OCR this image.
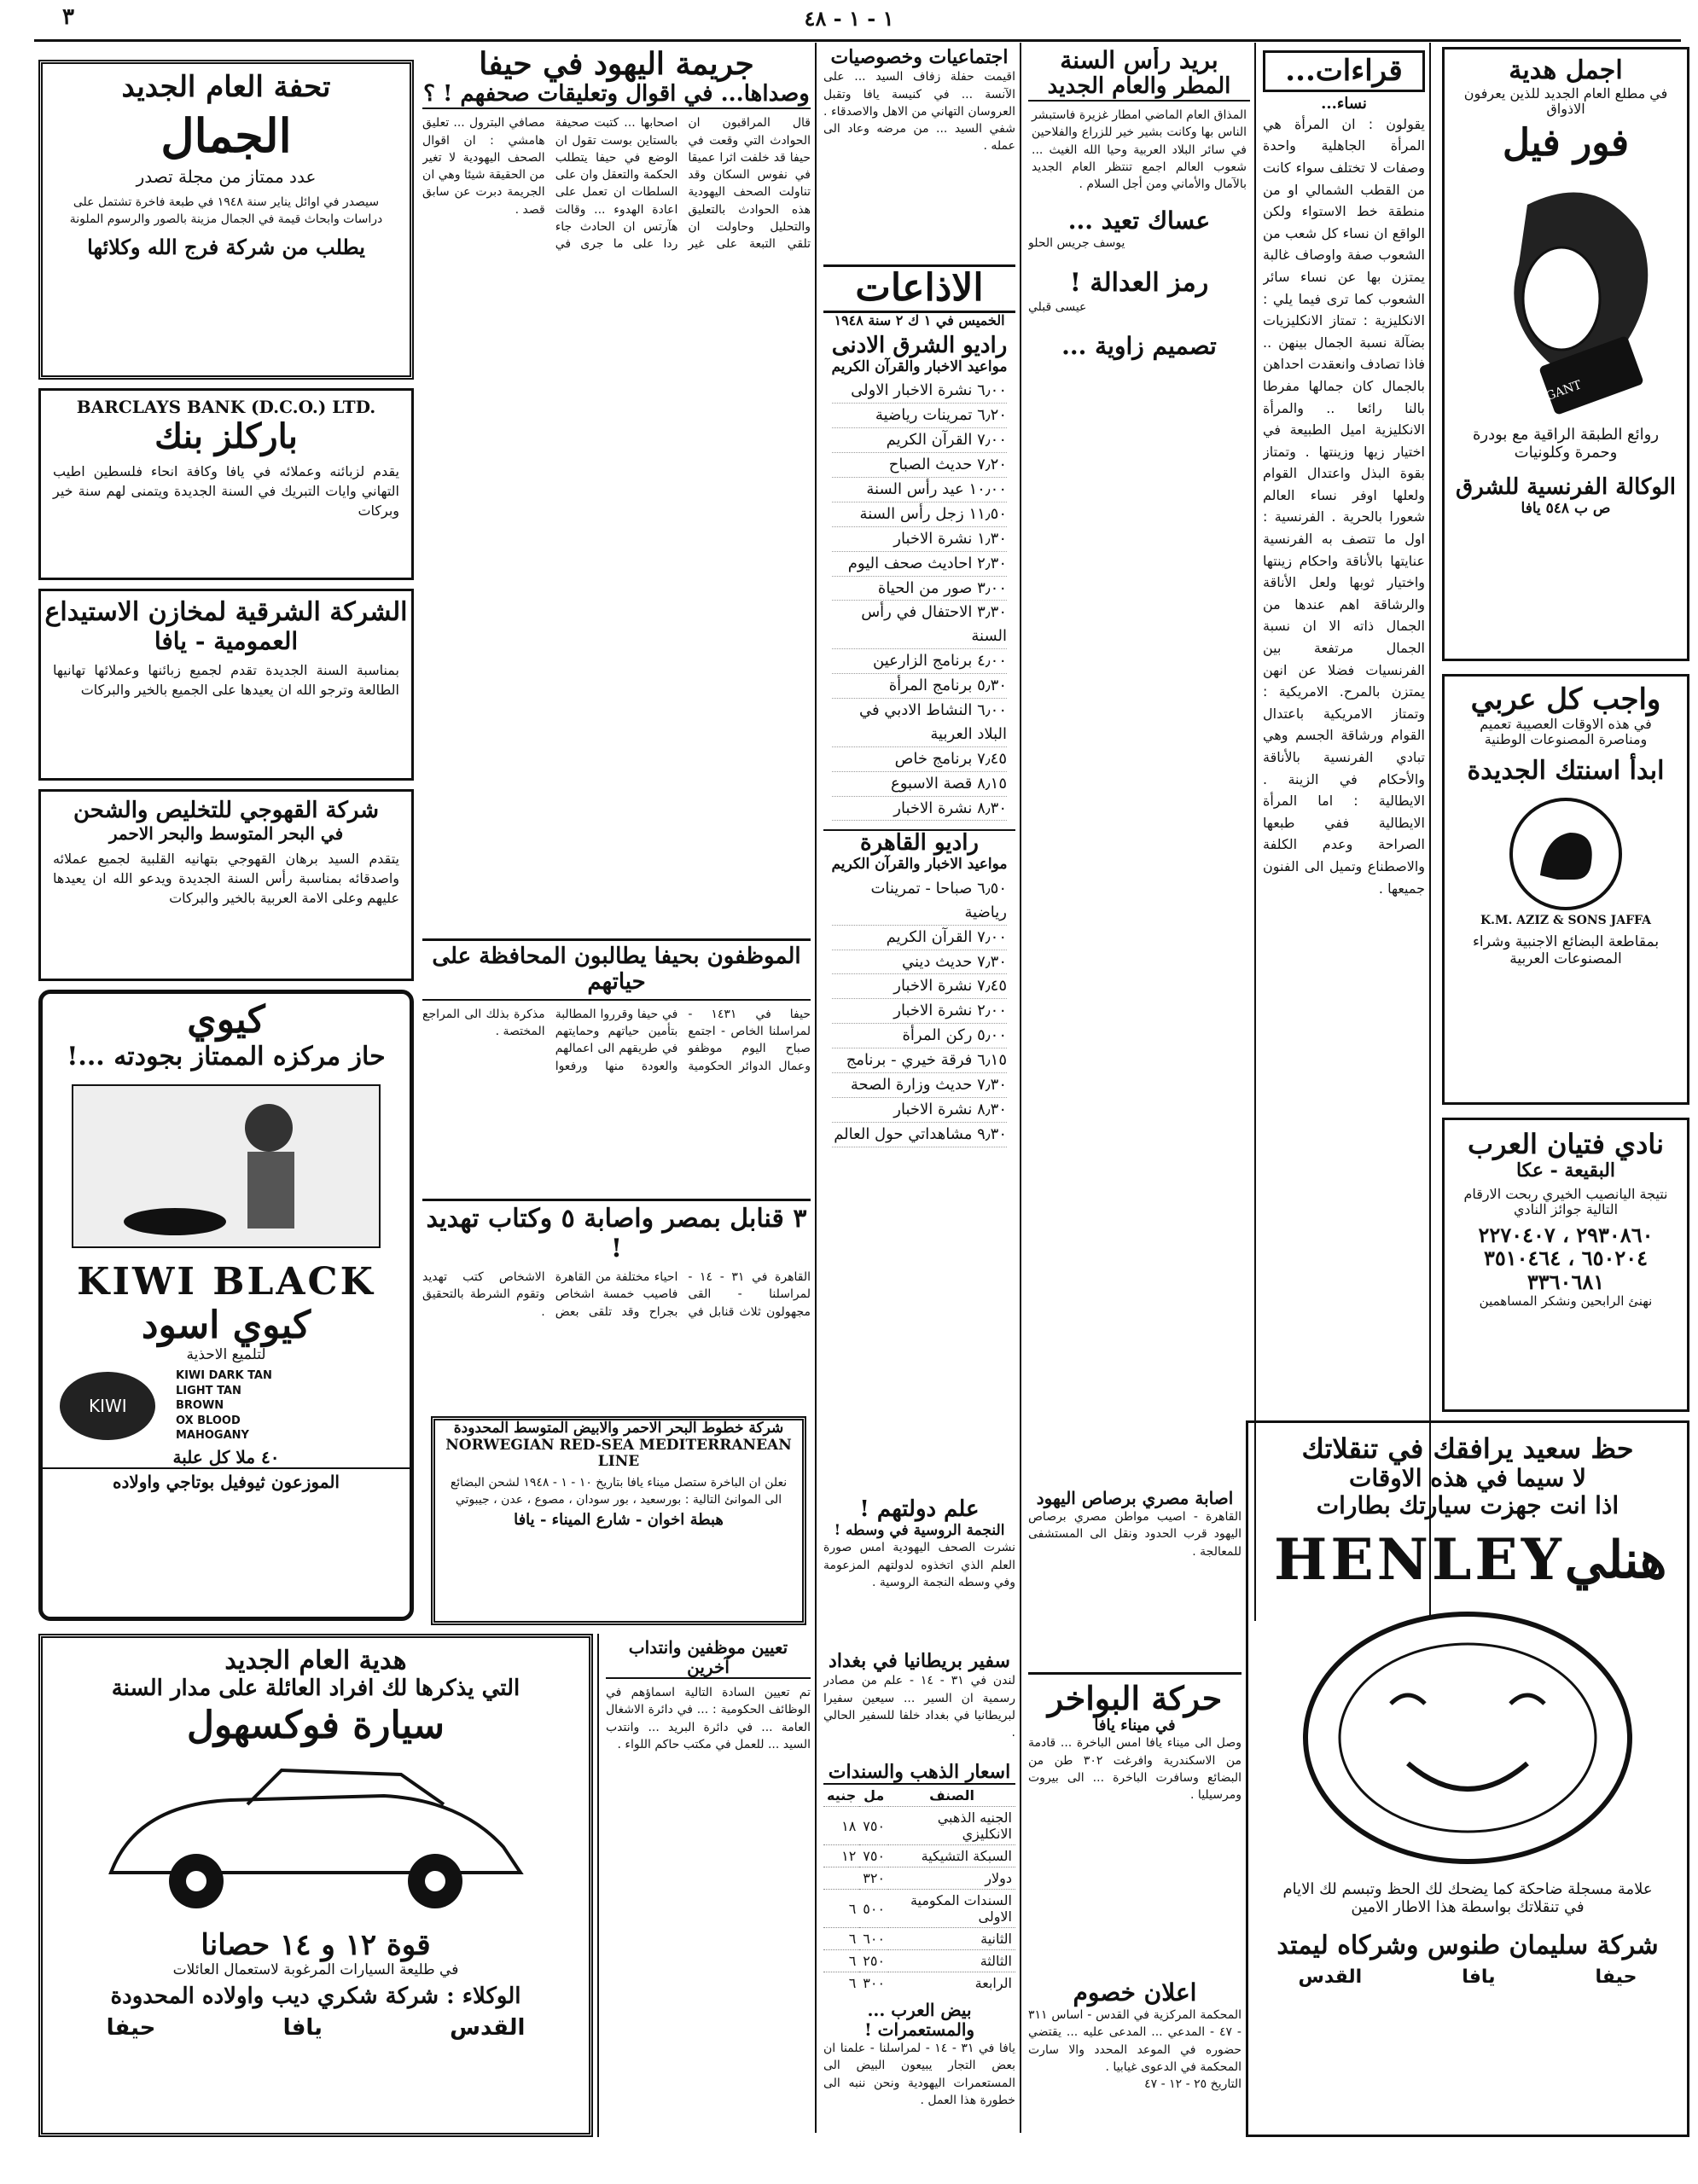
١ - ١ - ٤٨
٣
اجمل هدية
في مطلع العام الجديد للذين يعرفون الاذواق
فور فيل
HOUBIGANT
روائع الطبقة الراقية مع بودرة وحمرة وكلونيات
الوكالة الفرنسية للشرق
ص ب ٥٤٨ يافا
واجب كل عربي
في هذه الاوقات العصيبة تعميم ومناصرة المصنوعات الوطنية
ابدأ اسنتك الجديدة
K.M. AZIZ & SONS JAFFA
بمقاطعة البضائع الاجنبية وشراء المصنوعات العربية
نادي فتيان العرب
البقيعة - عكا
نتيجة اليانصيب الخيري ربحت الارقام التالية جوائز النادي
٢٩٣٠٨٦٠ ، ٢٢٧٠٤٠٧
٦٥٠٢٠٤ ، ٣٥١٠٤٦٤
٣٣٦٠٦٨١
نهنئ الرابحين ونشكر المساهمين
حظ سعيد يرافقك في تنقلاتك
لا سيما في هذه الاوقات
اذا انت جهزت سيارتك بطارات
HENLEY هنلي
علامة مسجلة ضاحكة كما يضحك لك الحظ وتبسم لك الايام في تنقلاتك بواسطة هذا الاطار الامين
شركة سليمان طنوس وشركاه ليمتد
القدس	يافا	حيفا
قراءات...
نساء...
يقولون : ان المرأة هي المرأة الجاهلية واحدة وصفات لا تختلف سواء كانت من القطب الشمالي او من منطقة خط الاستواء ولكن الواقع ان نساء كل شعب من الشعوب صفة واوصاف غالبة يمتزن بها عن نساء سائر الشعوب كما ترى فيما يلي : الانكليزية : تمتاز الانكليزيات بضآلة نسبة الجمال بينهن .. فاذا تصادف وانعقدت احداهن بالجمال كان جمالها مفرطا بالنا رائعا .. والمرأة الانكليزية اميل الطبيعة في اختيار زيها وزينتها . وتمتاز بقوة البذل واعتدال القوام ولعلها اوفر نساء العالم شعورا بالحرية . الفرنسية : اول ما تتصف به الفرنسية عنايتها بالأناقة واحكام زينتها واختيار ثوبها ولعل الأناقة والرشاقة اهم عندها من الجمال ذاته الا ان نسبة الجمال مرتفعة بين الفرنسيات فضلا عن انهن يمتزن بالمرح. الامريكية : وتمتاز الامريكية باعتدال القوام ورشاقة الجسم وهي تبادي الفرنسية بالأناقة والأحكام في الزينة . الايطالية : اما المرأة الايطالية ففي طبعها الصراحة وعدم الكلفة والاصطناع وتميل الى الفنون جميعها .
بريد رأس السنة
المطر والعام الجديد
المذاق العام الماضي امطار غزيرة فاستبشر الناس بها وكانت بشير خير للزراع والفلاحين في سائر البلاد العربية وحيا الله الغيث ... شعوب العالم اجمع تنتظر العام الجديد بالآمال والأماني ومن أجل السلام .
عساك تعيد ...
يوسف جريس الحلو
رمز العدالة !
عيسى قبلي
تصميم زاوية ...
اصابة مصري برصاص اليهود
القاهرة - اصيب مواطن مصري برصاص اليهود قرب الحدود ونقل الى المستشفى للمعالجة .
حركة البواخر
في ميناء يافا
وصل الى ميناء يافا امس الباخرة ... قادمة من الاسكندرية وافرغت ٣٠٢ طن من البضائع وسافرت الباخرة ... الى بيروت ومرسيليا .
اعلان خصوم
المحكمة المركزية في القدس - اساس ٣١١ - ٤٧ - المدعي ... المدعى عليه ... يقتضي حضوره في الموعد المحدد والا سارت المحكمة في الدعوى غيابيا .
التاريخ ٢٥ - ١٢ - ٤٧
اجتماعيات وخصوصيات
اقيمت حفلة زفاف السيد ... على الآنسة ... في كنيسة يافا وتقبل العروسان التهاني من الاهل والاصدقاء . شفي السيد ... من مرضه وعاد الى عمله .
الاذاعات
الخميس في ١ ك ٢ سنة ١٩٤٨
راديو الشرق الادنى
مواعيد الاخبار والقرآن الكريم
٦٫٠٠ نشرة الاخبار الاولى
٦٫٢٠ تمرينات رياضية
٧٫٠٠ القرآن الكريم
٧٫٢٠ حديث الصباح
١٠٫٠٠ عيد رأس السنة
١١٫٥٠ زجل رأس السنة
١٫٣٠ نشرة الاخبار
٢٫٣٠ احاديث صحف اليوم
٣٫٠٠ صور من الحياة
٣٫٣٠ الاحتفال في رأس السنة
٤٫٠٠ برنامج الزارعين
٥٫٣٠ برنامج المرأة
٦٫٠٠ النشاط الادبي في البلاد العربية
٧٫٤٥ برنامج خاص
٨٫١٥ قصة الاسبوع
٨٫٣٠ نشرة الاخبار
راديو القاهرة
مواعيد الاخبار والقرآن الكريم
٦٫٥٠ صباحا - تمرينات رياضية
٧٫٠٠ القرآن الكريم
٧٫٣٠ حديث ديني
٧٫٤٥ نشرة الاخبار
٢٫٠٠ نشرة الاخبار
٥٫٠٠ ركن المرأة
٦٫١٥ فرقة خيري - برنامج
٧٫٣٠ حديث وزارة الصحة
٨٫٣٠ نشرة الاخبار
٩٫٣٠ مشاهداتي حول العالم
علم دولتهم !
النجمة الروسية في وسطه !
نشرت الصحف اليهودية امس صورة العلم الذي اتخذوه لدولتهم المزعومة وفي وسطه النجمة الروسية .
سفير بريطانيا في بغداد
لندن في ٣١ - ١٤ - علم من مصادر رسمية ان السير ... سيعين سفيرا لبريطانيا في بغداد خلفا للسفير الحالي .
اسعار الذهب والسندات
الصنف	مل	جنيه
الجنيه الذهبي الانكليزي	٧٥٠	١٨
السبكة التشيكية	٧٥٠	١٢
دولار	٣٢٠	
السندات المكومية الاولى	٥٠٠	٦
الثانية	٦٠٠	٦
الثالثة	٢٥٠	٦
الرابعة	٣٠٠	٦
بيض العرب ... والمستعمرات !
يافا في ٣١ - ١٤ - لمراسلنا - علمنا ان بعض التجار يبيعون البيض الى المستعمرات اليهودية ونحن ننبه الى خطورة هذا العمل .
جريمة اليهود في حيفا
وصداها... في اقوال وتعليقات صحفهم ! ؟
قال المراقبون ان الحوادث التي وقعت في حيفا قد خلفت اثرا عميقا في نفوس السكان وقد تناولت الصحف اليهودية هذه الحوادث بالتعليق والتحليل وحاولت ان تلقي التبعة على غير اصحابها ... كتبت صحيفة بالستاين بوست تقول ان الوضع في حيفا يتطلب الحكمة والتعقل وان على السلطات ان تعمل على اعادة الهدوء ... وقالت هآرتس ان الحادث جاء ردا على ما جرى في مصافي البترول ... تعليق هامشي : ان اقوال الصحف اليهودية لا تغير من الحقيقة شيئا وهي ان الجريمة دبرت عن سابق قصد .
الموظفون بحيفا يطالبون المحافظة على حياتهم
حيفا في ١٤٣١ - لمراسلنا الخاص - اجتمع صباح اليوم موظفو وعمال الدوائر الحكومية في حيفا وقرروا المطالبة بتأمين حياتهم وحمايتهم في طريقهم الى اعمالهم والعودة منها ورفعوا مذكرة بذلك الى المراجع المختصة .
٣ قنابل بمصر واصابة ٥ وكتاب تهديد !
القاهرة في ٣١ - ١٤ - لمراسلنا - القى مجهولون ثلاث قنابل في احياء مختلفة من القاهرة فاصيب خمسة اشخاص بجراح وقد تلقى بعض الاشخاص كتب تهديد وتقوم الشرطة بالتحقيق .
شركة خطوط البحر الاحمر والابيض المتوسط المحدودة
NORWEGIAN RED-SEA MEDITERRANEAN LINE
نعلن ان الباخرة ستصل ميناء يافا بتاريخ ١٠ - ١ - ١٩٤٨ لشحن البضائع الى الموانئ التالية : بورسعيد ، بور سودان ، مصوع ، عدن ، جيبوتي
هبطة اخوان - شارع الميناء - يافا
تحفة العام الجديد
الجمال
عدد ممتاز من مجلة تصدر
سيصدر في اوائل يناير سنة ١٩٤٨ في طبعة فاخرة تشتمل على دراسات وابحاث قيمة في الجمال مزينة بالصور والرسوم الملونة
يطلب من شركة فرج الله وكلائها
BARCLAYS BANK (D.C.O.) LTD.
باركلز بنك
يقدم لزبائنه وعملائه في يافا وكافة انحاء فلسطين اطيب التهاني وايات التبريك في السنة الجديدة ويتمنى لهم سنة خير وبركات
الشركة الشرقية لمخازن الاستيداع
العمومية - يافا
بمناسبة السنة الجديدة تقدم لجميع زبائنها وعملائها تهانيها الطالعة وترجو الله ان يعيدها على الجميع بالخير والبركات
شركة القهوجي للتخليص والشحن
في البحر المتوسط والبحر الاحمر
يتقدم السيد برهان القهوجي بتهانيه القلبية لجميع عملائه واصدقائه بمناسبة رأس السنة الجديدة ويدعو الله ان يعيدها عليهم وعلى الامة العربية بالخير والبركات
كيوي
حاز مركزه الممتاز بجودته ...!
KIWI BLACK
كيوي اسود
لتلميع الاحذية
KIWI
KIWI DARK TAN
LIGHT TAN
BROWN
OX BLOOD
MAHOGANY
٤٠ ملا كل علبة
الموزعون ثيوفيل بوتاجي واولاده
هدية العام الجديد
التي يذكرها لك افراد العائلة على مدار السنة
سيارة فوكسهول
قوة ١٢ و ١٤ حصانا
في طليعة السيارات المرغوبة لاستعمال العائلات
الوكلاء : شركة شكري ديب واولاده المحدودة
القدس
يافا
حيفا
تعيين موظفين وانتداب آخرين
تم تعيين السادة التالية اسماؤهم في الوظائف الحكومية : ... في دائرة الاشغال العامة ... في دائرة البريد ... وانتدب السيد ... للعمل في مكتب حاكم اللواء .
